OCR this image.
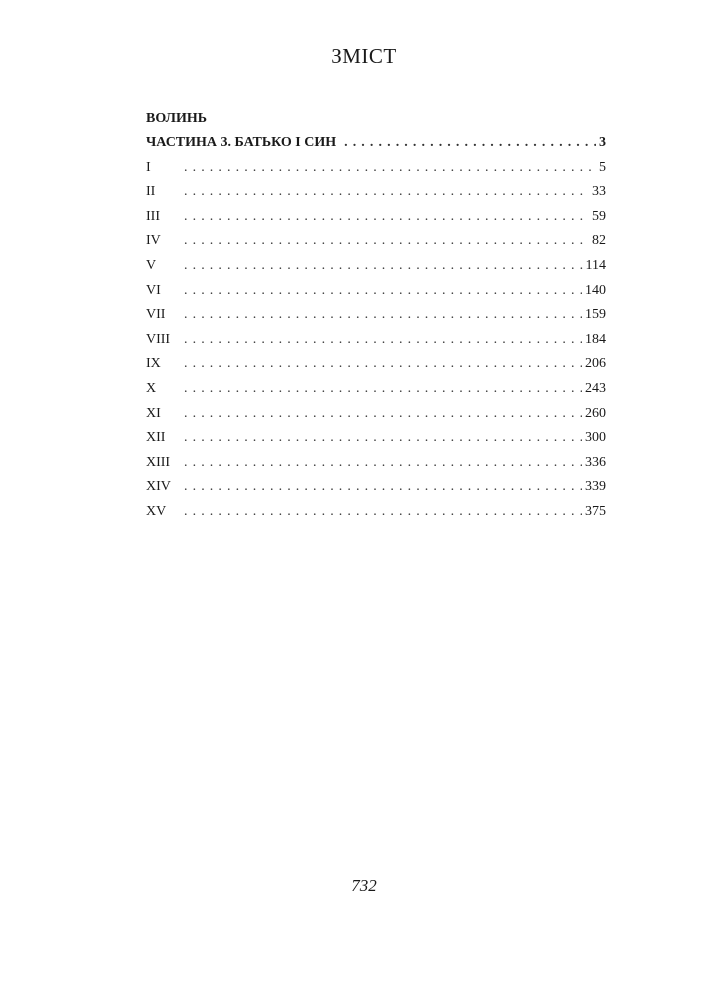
ЗМІСТ
ВОЛИНЬ
ЧАСТИНА 3. БАТЬКО І СИН . . .	3
I . . .	5
II . . .	33
III . . .	59
IV . . .	82
V . . .	114
VI . . .	140
VII . . .	159
VIII . . .	184
IX . . .	206
X . . .	243
XI . . .	260
XII . . .	300
XIII . . .	336
XIV . . .	339
XV . . .	375
732
